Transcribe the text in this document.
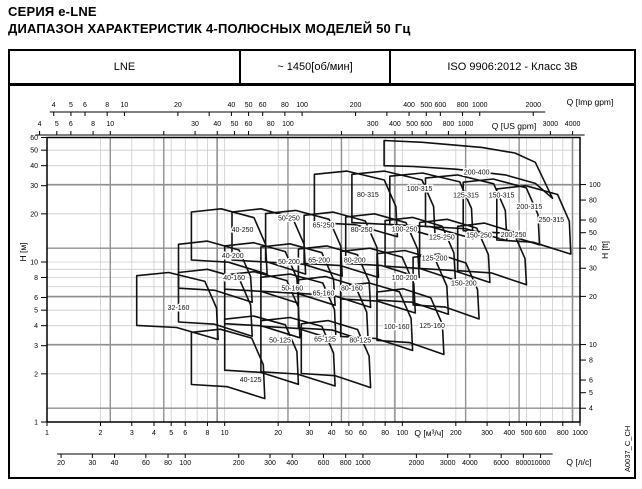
СЕРИЯ e-LNE
ДИАПАЗОН ХАРАКТЕРИСТИК 4-ПОЛЮСНЫХ МОДЕЛЕЙ 50 Гц
LNE	~ 1450[об/мин]	ISO 9906:2012 - Класс 3В
4 5 6	8 10	20	40 50 60 80 100	200	400 500 600 800 1000	2000	Q [Imp gpm]
4 5 6	8 10	30 40 50 60 80 100	300 400 500 600 800 1000	3000 4000
Q [US gpm]
1	2	3	4 5 6	8 10	20	30 40 50 60 80 100	200	300 400 500 600 800 1000
Q [м³/ч]
20	30 40	60 80 100	200	300 400	600 800 1000	2000 3000 4000 6000 8000 10000 Q [л/с]
60
50
40
30
20
10
8
6
5
4
3
2
1
100
80
60
50
40
30
20
10
8
6
5
4
H [м]	H [ft]
200-400
80-315
100-315
125-315 150-315
200-315
250-315
40-250
50-250
65-250
80-250	100-250
125-250 150-250 200-250
40-200
50-200 65-200 80-200
100-200
125-200
150-200
32-160
40-160
50-160
65-160
80-160
100-160 125-160
40-125
50-125	65-125 80-125
A0037_C_CH
